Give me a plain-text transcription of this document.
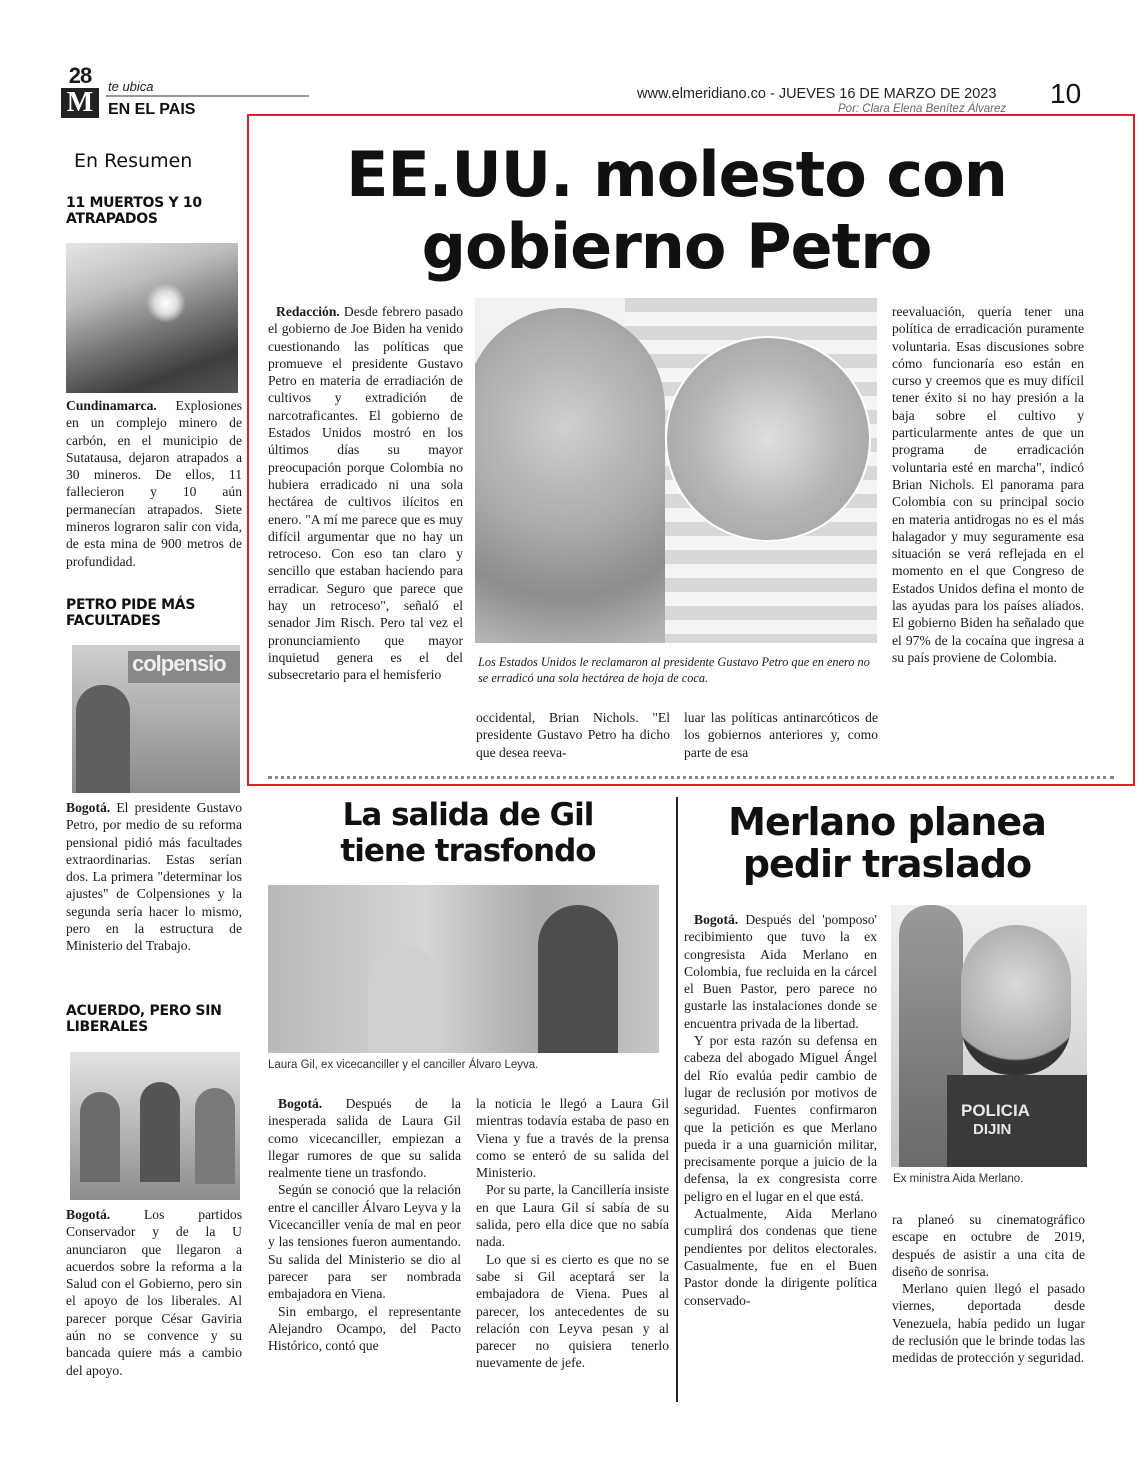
28
M
te ubica
EN EL PAIS
www.elmeridiano.co - JUEVES 16 DE MARZO DE 2023
Por: Clara Elena Benítez Álvarez 10
En Resumen
11 MUERTOS Y 10 ATRAPADOS
Cundinamarca. Explosiones en un complejo minero de carbón, en el municipio de Sutatausa, dejaron atrapados a 30 mineros. De ellos, 11 fallecieron y 10 aún permanecían atrapados. Siete mineros lograron salir con vida, de esta mina de 900 metros de profundidad.
PETRO PIDE MÁS FACULTADES
colpensio
Bogotá. El presidente Gustavo Petro, por medio de su reforma pensional pidió más facultades extraordinarias. Estas serían dos. La primera "determinar los ajustes" de Colpensiones y la segunda sería hacer lo mismo, pero en la estructura de Ministerio del Trabajo.
ACUERDO, PERO SIN LIBERALES
Bogotá. Los partidos Conservador y de la U anunciaron que llegaron a acuerdos sobre la reforma a la Salud con el Gobierno, pero sin el apoyo de los liberales. Al parecer porque César Gaviria aún no se convence y su bancada quiere más a cambio del apoyo.
EE.UU. molesto con
gobierno Petro
Redacción. Desde febrero pasado el gobierno de Joe Biden ha venido cuestionando las políticas que promueve el presidente Gustavo Petro en materia de erradiación de cultivos y extradición de narcotraficantes. El gobierno de Estados Unidos mostró en los últimos días su mayor preocupación porque Colombia no hubiera erradicado ni una sola hectárea de cultivos ilícitos en enero. "A mí me parece que es muy difícil argumentar que no hay un retroceso. Con eso tan claro y sencillo que estaban haciendo para erradicar. Seguro que parece que hay un retroceso", señaló el senador Jim Risch. Pero tal vez el pronunciamiento que mayor inquietud genera es el del subsecretario para el hemisferio
Los Estados Unidos le reclamaron al presidente Gustavo Petro que en enero no se erradicó una sola hectárea de hoja de coca.
occidental, Brian Nichols. "El presidente Gustavo Petro ha dicho que desea reeva-
luar las políticas antinarcóticos de los gobiernos anteriores y, como parte de esa
reevaluación, quería tener una política de erradicación puramente voluntaria. Esas discusiones sobre cómo funcionaría eso están en curso y creemos que es muy difícil tener éxito si no hay presión a la baja sobre el cultivo y particularmente antes de que un programa de erradicación voluntaria esté en marcha", indicó Brian Nichols. El panorama para Colombia con su principal socio en materia antidrogas no es el más halagador y muy seguramente esa situación se verá reflejada en el momento en el que Congreso de Estados Unidos defina el monto de las ayudas para los países aliados. El gobierno Biden ha señalado que el 97% de la cocaína que ingresa a su país proviene de Colombia.
La salida de Gil
tiene trasfondo
Laura Gil, ex vicecanciller y el canciller Álvaro Leyva.
Bogotá. Después de la inesperada salida de Laura Gil como vicecanciller, empiezan a llegar rumores de que su salida realmente tiene un trasfondo.
Según se conoció que la relación entre el canciller Álvaro Leyva y la Vicecanciller venía de mal en peor y las tensiones fueron aumentando. Su salida del Ministerio se dio al parecer para ser nombrada embajadora en Viena.
Sin embargo, el representante Alejandro Ocampo, del Pacto Histórico, contó que
la noticia le llegó a Laura Gil mientras todavía estaba de paso en Viena y fue a través de la prensa como se enteró de su salida del Ministerio.
Por su parte, la Cancillería insiste en que Laura Gil sí sabía de su salida, pero ella dice que no sabía nada.
Lo que si es cierto es que no se sabe si Gil aceptará ser la embajadora de Viena. Pues al parecer, los antecedentes de su relación con Leyva pesan y al parecer no quisiera tenerlo nuevamente de jefe.
Merlano planea
pedir traslado
Bogotá. Después del 'pomposo' recibimiento que tuvo la ex congresista Aida Merlano en Colombia, fue recluida en la cárcel el Buen Pastor, pero parece no gustarle las instalaciones donde se encuentra privada de la libertad.
Y por esta razón su defensa en cabeza del abogado Miguel Ángel del Río evalúa pedir cambio de lugar de reclusión por motivos de seguridad. Fuentes confirmaron que la petición es que Merlano pueda ir a una guarnición militar, precisamente porque a juicio de la defensa, la ex congresista corre peligro en el lugar en el que está.
Actualmente, Aida Merlano cumplirá dos condenas que tiene pendientes por delitos electorales. Casualmente, fue en el Buen Pastor donde la dirigente política conservado-
POLICIA
DIJIN
Ex ministra Aida Merlano.
ra planeó su cinematográfico escape en octubre de 2019, después de asistir a una cita de diseño de sonrisa.
Merlano quien llegó el pasado viernes, deportada desde Venezuela, había pedido un lugar de reclusión que le brinde todas las medidas de protección y seguridad.
